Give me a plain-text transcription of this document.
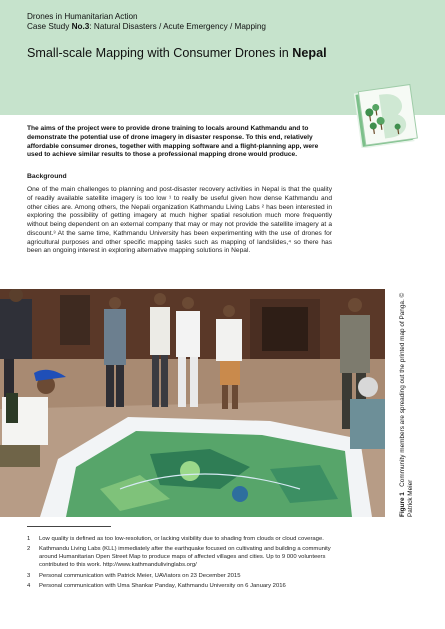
Drones in Humanitarian Action
Case Study No.3: Natural Disasters / Acute Emergency / Mapping
Small-scale Mapping with Consumer Drones in Nepal
The aims of the project were to provide drone training to locals around Kathmandu and to demonstrate the potential use of drone imagery in disaster response. To this end, relatively affordable consumer drones, together with mapping software and a flight-planning app, were used to achieve similar results to those a professional mapping drone would produce.
Background

One of the main challenges to planning and post-disaster recovery activities in Nepal is that the quality of readily available satellite imagery is too low ¹ to really be useful given how dense Kathmandu and other cities are. Among others, the Nepali organization Kathmandu Living Labs ² has been interested in exploring the possibility of getting imagery at much higher spatial resolution much more frequently without being dependent on an external company that may or may not provide the satellite imagery at a discount.³ At the same time, Kathmandu University has been experimenting with the use of drones for agricultural purposes and other specific mapping tasks such as mapping of landslides,⁴ so there has been an ongoing interest in exploring alternative mapping solutions in Nepal.

Figure 1   Community members are spreading out the printed map of Panga. © Patrick Meier
1	Low quality is defined as too low-resolution, or lacking visibility due to shading from clouds or cloud coverage.
2	Kathmandu Living Labs (KLL) immediately after the earthquake focused on cultivating and building a community around Humanitarian Open Street Map to produce maps of affected villages and cities. Up to 9 000 volunteers contributed to this work. http://www.kathmandulivinglabs.org/
3	Personal communication with Patrick Meier, UAViators on 23 December 2015
4	Personal communication with Uma Shankar Panday, Kathmandu University on 6 January 2016
